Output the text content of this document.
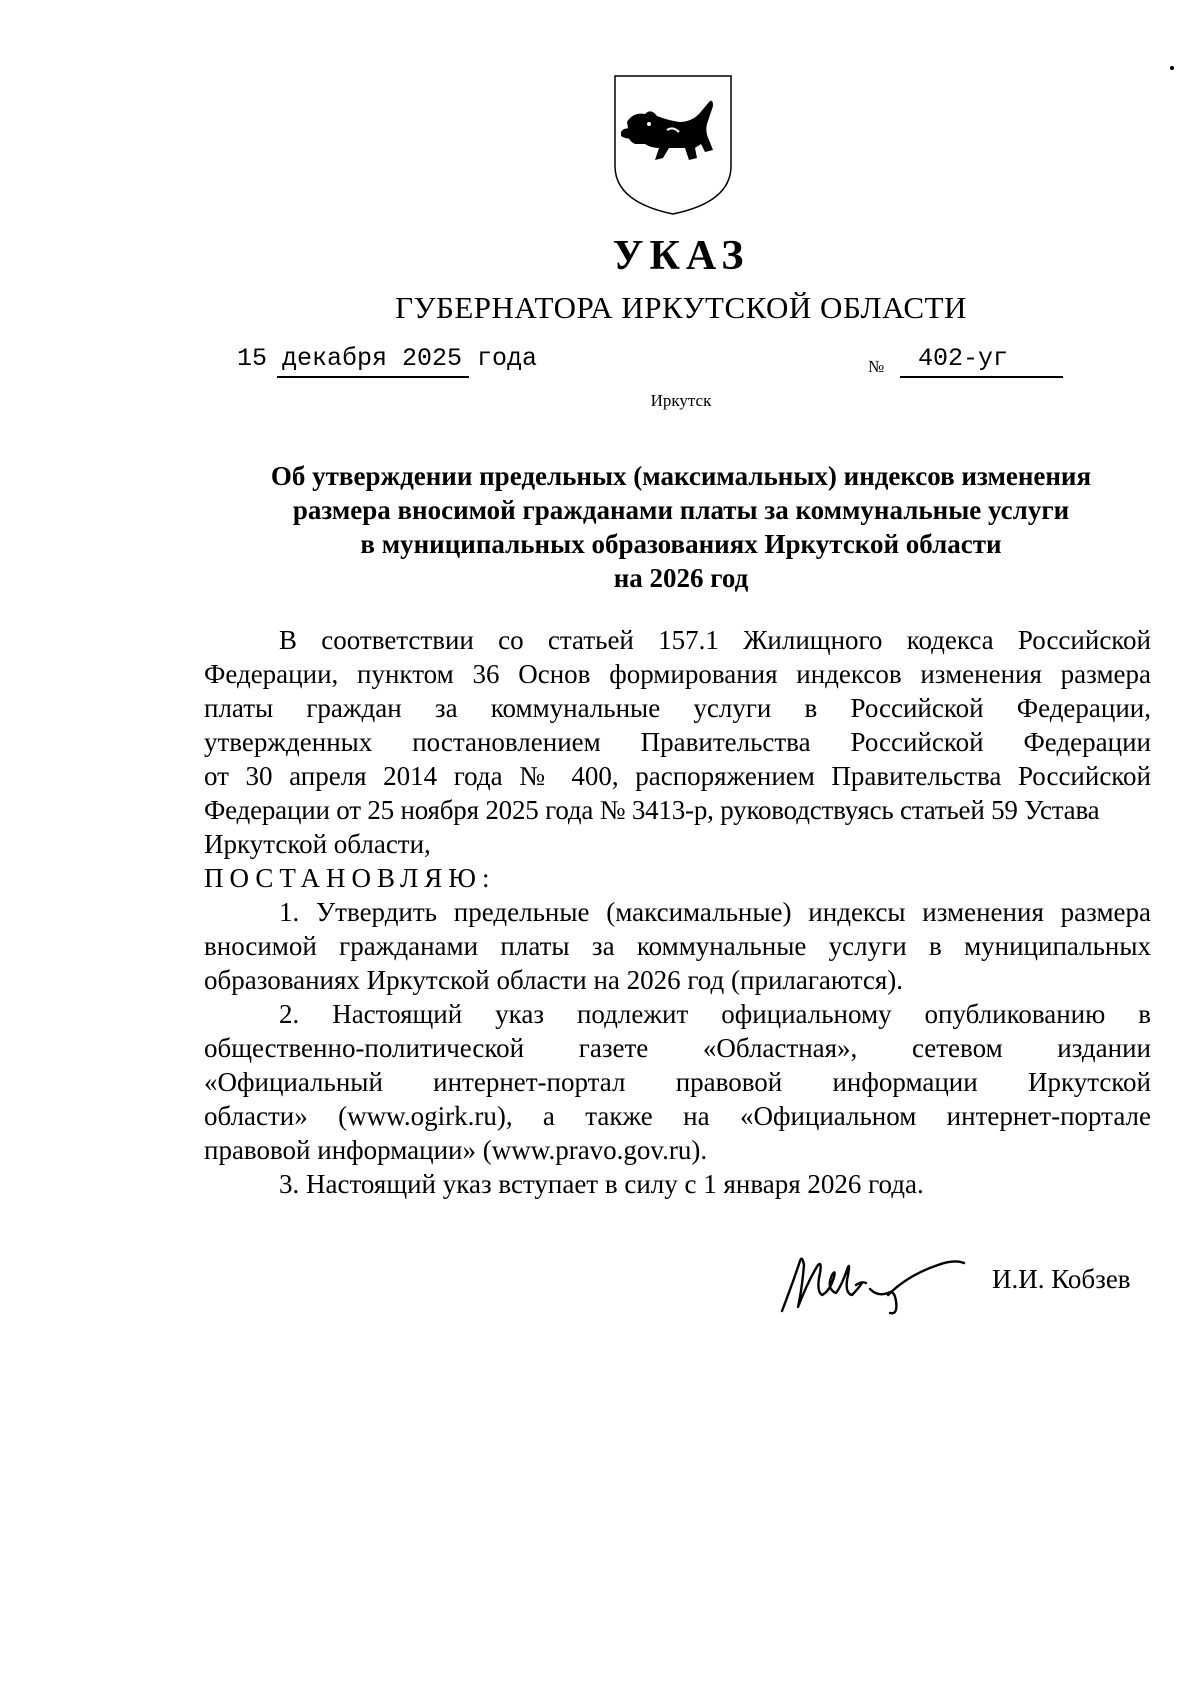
УКАЗ
ГУБЕРНАТОРА ИРКУТСКОЙ ОБЛАСТИ
15 декабря 2025 года	№ 402-уг
Иркутск
Об утверждении предельных (максимальных) индексов изменения
размера вносимой гражданами платы за коммунальные услуги
в муниципальных образованиях Иркутской области
на 2026 год
В соответствии со статьей 157.1 Жилищного кодекса Российской
Федерации, пунктом 36 Основ формирования индексов изменения размера
платы граждан за коммунальные услуги в Российской Федерации,
утвержденных постановлением Правительства Российской Федерации
от 30 апреля 2014 года № 400, распоряжением Правительства Российской
Федерации от 25 ноября 2025 года № 3413-р, руководствуясь статьей 59 Устава
Иркутской области,
ПОСТАНОВЛЯЮ:
1. Утвердить предельные (максимальные) индексы изменения размера
вносимой гражданами платы за коммунальные услуги в муниципальных
образованиях Иркутской области на 2026 год (прилагаются).
2. Настоящий указ подлежит официальному опубликованию в
общественно-политической газете «Областная», сетевом издании
«Официальный интернет-портал правовой информации Иркутской
области» (www.ogirk.ru), а также на «Официальном интернет-портале
правовой информации» (www.pravo.gov.ru).
3. Настоящий указ вступает в силу с 1 января 2026 года.
И.И. Кобзев
